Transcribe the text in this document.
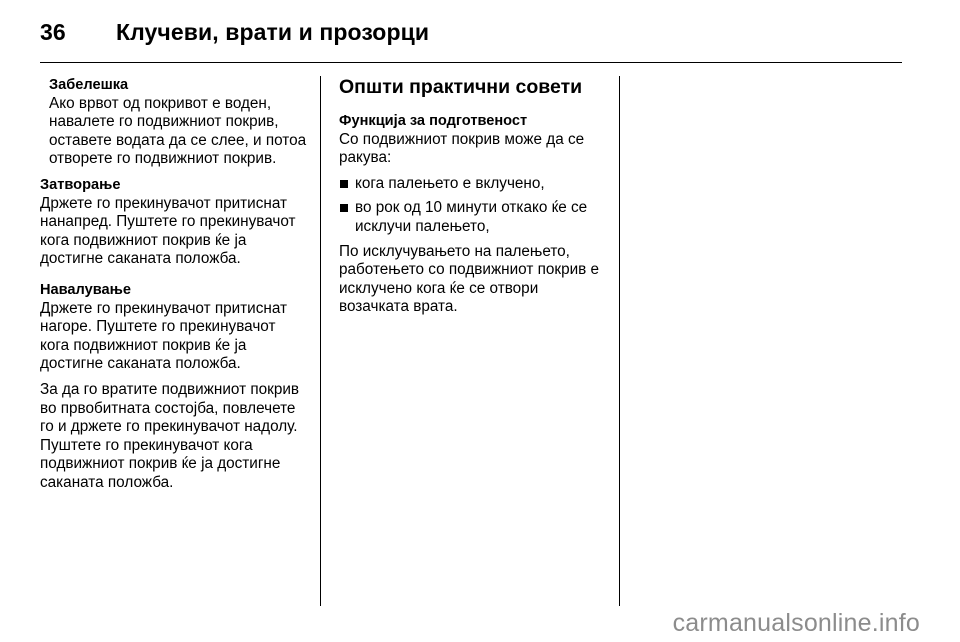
36	Клучеви, врати и прозорци
Забелешка

Ако врвот од покривот е воден, навалете го подвижниот покрив, оставете водата да се слее, и потоа отворете го подвижниот покрив.

Затворање

Држете го прекинувачот притиснат нанапред. Пуштете го прекинувачот кога подвижниот покрив ќе ја достигне саканата положба.

Навалување

Држете го прекинувачот притиснат нагоре. Пуштете го прекинувачот кога подвижниот покрив ќе ја достигне саканата положба.

За да го вратите подвижниот покрив во првобитната состојба, повлечете го и држете го прекинувачот надолу. Пуштете го прекинувачот кога подвижниот покрив ќе ја достигне саканата положба.

Општи практични совети
Функција за подготвеност

Со подвижниот покрив може да се ракува:

кога палењето е вклучено,
во рок од 10 минути откако ќе се исклучи палењето,

По исклучувањето на палењето, работењето со подвижниот покрив е исклучено кога ќе се отвори возачката врата.

carmanualsonline.info
